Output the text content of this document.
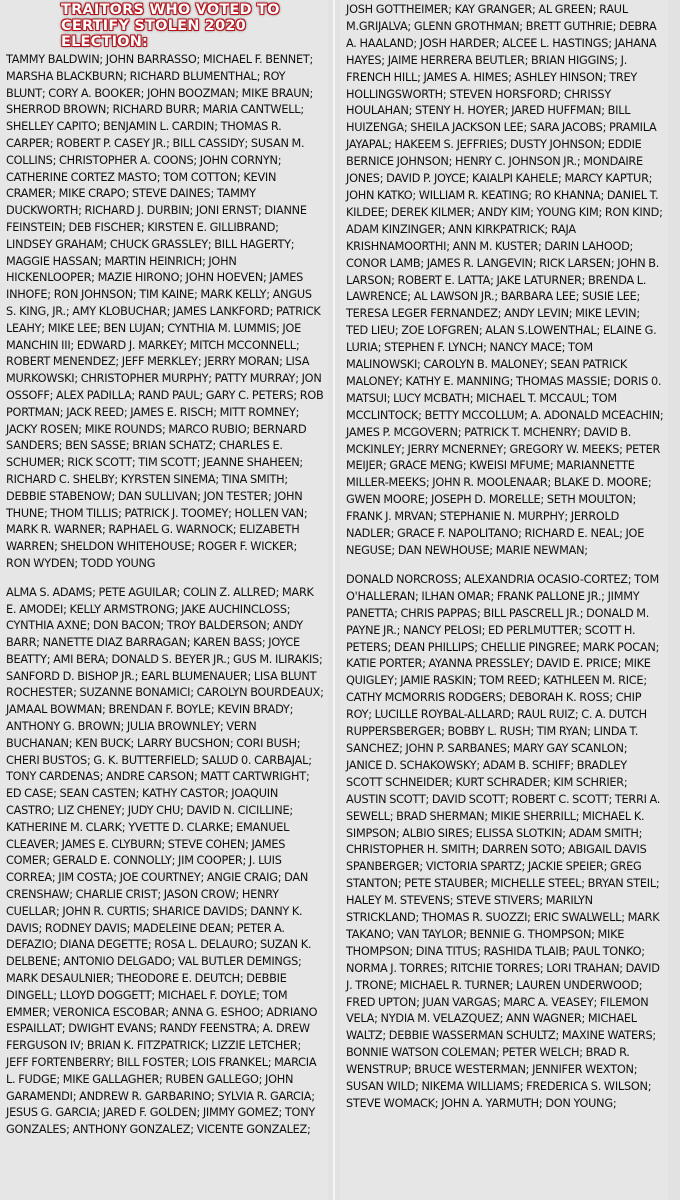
TRAITORS WHO VOTED TO
CERTIFY STOLEN 2020 ELECTION:

TAMMY BALDWIN; JOHN BARRASSO; MICHAEL F. BENNET; MARSHA BLACKBURN; RICHARD BLUMENTHAL; ROY BLUNT; CORY A. BOOKER; JOHN BOOZMAN; MIKE BRAUN; SHERROD BROWN; RICHARD BURR; MARIA CANTWELL; SHELLEY CAPITO; BENJAMIN L. CARDIN; THOMAS R. CARPER; ROBERT P. CASEY JR.; BILL CASSIDY; SUSAN M. COLLINS; CHRISTOPHER A. COONS; JOHN CORNYN; CATHERINE CORTEZ MASTO; TOM COTTON; KEVIN CRAMER; MIKE CRAPO; STEVE DAINES; TAMMY DUCKWORTH; RICHARD J. DURBIN; JONI ERNST; DIANNE FEINSTEIN; DEB FISCHER; KIRSTEN E. GILLIBRAND; LINDSEY GRAHAM; CHUCK GRASSLEY; BILL HAGERTY; MAGGIE HASSAN; MARTIN HEINRICH; JOHN HICKENLOOPER; MAZIE HIRONO; JOHN HOEVEN; JAMES INHOFE; RON JOHNSON; TIM KAINE; MARK KELLY; ANGUS S. KING, JR.; AMY KLOBUCHAR; JAMES LANKFORD; PATRICK LEAHY; MIKE LEE; BEN LUJAN; CYNTHIA M. LUMMIS; JOE MANCHIN III; EDWARD J. MARKEY; MITCH MCCONNELL; ROBERT MENENDEZ; JEFF MERKLEY; JERRY MORAN; LISA MURKOWSKI; CHRISTOPHER MURPHY; PATTY MURRAY; JON OSSOFF; ALEX PADILLA; RAND PAUL; GARY C. PETERS; ROB PORTMAN; JACK REED; JAMES E. RISCH; MITT ROMNEY; JACKY ROSEN; MIKE ROUNDS; MARCO RUBIO; BERNARD SANDERS; BEN SASSE; BRIAN SCHATZ; CHARLES E. SCHUMER; RICK SCOTT; TIM SCOTT; JEANNE SHAHEEN; RICHARD C. SHELBY; KYRSTEN SINEMA; TINA SMITH; DEBBIE STABENOW; DAN SULLIVAN; JON TESTER; JOHN THUNE; THOM TILLIS; PATRICK J. TOOMEY; HOLLEN VAN; MARK R. WARNER; RAPHAEL G. WARNOCK; ELIZABETH WARREN; SHELDON WHITEHOUSE; ROGER F. WICKER; RON WYDEN; TODD YOUNG

ALMA S. ADAMS; PETE AGUILAR; COLIN Z. ALLRED; MARK E. AMODEI; KELLY ARMSTRONG; JAKE AUCHINCLOSS; CYNTHIA AXNE; DON BACON; TROY BALDERSON; ANDY BARR; NANETTE DIAZ BARRAGAN; KAREN BASS; JOYCE BEATTY; AMI BERA; DONALD S. BEYER JR.; GUS M. ILIRAKIS; SANFORD D. BISHOP JR.; EARL BLUMENAUER; LISA BLUNT ROCHESTER; SUZANNE BONAMICI; CAROLYN BOURDEAUX; JAMAAL BOWMAN; BRENDAN F. BOYLE; KEVIN BRADY; ANTHONY G. BROWN; JULIA BROWNLEY; VERN BUCHANAN; KEN BUCK; LARRY BUCSHON; CORI BUSH; CHERI BUSTOS; G. K. BUTTERFIELD; SALUD 0. CARBAJAL; TONY CARDENAS; ANDRE CARSON; MATT CARTWRIGHT; ED CASE; SEAN CASTEN; KATHY CASTOR; JOAQUIN CASTRO; LIZ CHENEY; JUDY CHU; DAVID N. CICILLINE; KATHERINE M. CLARK; YVETTE D. CLARKE; EMANUEL CLEAVER; JAMES E. CLYBURN; STEVE COHEN; JAMES COMER; GERALD E. CONNOLLY; JIM COOPER; J. LUIS CORREA; JIM COSTA; JOE COURTNEY; ANGIE CRAIG; DAN CRENSHAW; CHARLIE CRIST; JASON CROW; HENRY CUELLAR; JOHN R. CURTIS; SHARICE DAVIDS; DANNY K. DAVIS; RODNEY DAVIS; MADELEINE DEAN; PETER A. DEFAZIO; DIANA DEGETTE; ROSA L. DELAURO; SUZAN K. DELBENE; ANTONIO DELGADO; VAL BUTLER DEMINGS; MARK DESAULNIER; THEODORE E. DEUTCH; DEBBIE DINGELL; LLOYD DOGGETT; MICHAEL F. DOYLE; TOM EMMER; VERONICA ESCOBAR; ANNA G. ESHOO; ADRIANO ESPAILLAT; DWIGHT EVANS; RANDY FEENSTRA; A. DREW FERGUSON IV; BRIAN K. FITZPATRICK; LIZZIE LETCHER; JEFF FORTENBERRY; BILL FOSTER; LOIS FRANKEL; MARCIA L. FUDGE; MIKE GALLAGHER; RUBEN GALLEGO; JOHN GARAMENDI; ANDREW R. GARBARINO; SYLVIA R. GARCIA; JESUS G. GARCIA; JARED F. GOLDEN; JIMMY GOMEZ; TONY GONZALES; ANTHONY GONZALEZ; VICENTE GONZALEZ;

JOSH GOTTHEIMER; KAY GRANGER; AL GREEN; RAUL M.GRIJALVA; GLENN GROTHMAN; BRETT GUTHRIE; DEBRA A. HAALAND; JOSH HARDER; ALCEE L. HASTINGS; JAHANA HAYES; JAIME HERRERA BEUTLER; BRIAN HIGGINS; J. FRENCH HILL; JAMES A. HIMES; ASHLEY HINSON; TREY HOLLINGSWORTH; STEVEN HORSFORD; CHRISSY HOULAHAN; STENY H. HOYER; JARED HUFFMAN; BILL HUIZENGA; SHEILA JACKSON LEE; SARA JACOBS; PRAMILA JAYAPAL; HAKEEM S. JEFFRIES; DUSTY JOHNSON; EDDIE BERNICE JOHNSON; HENRY C. JOHNSON JR.; MONDAIRE JONES; DAVID P. JOYCE; KAIALPI KAHELE; MARCY KAPTUR; JOHN KATKO; WILLIAM R. KEATING; RO KHANNA; DANIEL T. KILDEE; DEREK KILMER; ANDY KIM; YOUNG KIM; RON KIND; ADAM KINZINGER; ANN KIRKPATRICK; RAJA KRISHNAMOORTHI; ANN M. KUSTER; DARIN LAHOOD; CONOR LAMB; JAMES R. LANGEVIN; RICK LARSEN; JOHN B. LARSON; ROBERT E. LATTA; JAKE LATURNER; BRENDA L. LAWRENCE; AL LAWSON JR.; BARBARA LEE; SUSIE LEE; TERESA LEGER FERNANDEZ; ANDY LEVIN; MIKE LEVIN; TED LIEU; ZOE LOFGREN; ALAN S.LOWENTHAL; ELAINE G. LURIA; STEPHEN F. LYNCH; NANCY MACE; TOM MALINOWSKI; CAROLYN B. MALONEY; SEAN PATRICK MALONEY; KATHY E. MANNING; THOMAS MASSIE; DORIS 0. MATSUI; LUCY MCBATH; MICHAEL T. MCCAUL; TOM MCCLINTOCK; BETTY MCCOLLUM; A. ADONALD MCEACHIN; JAMES P. MCGOVERN; PATRICK T. MCHENRY; DAVID B. MCKINLEY; JERRY MCNERNEY; GREGORY W. MEEKS; PETER MEIJER; GRACE MENG; KWEISI MFUME; MARIANNETTE MILLER-MEEKS; JOHN R. MOOLENAAR; BLAKE D. MOORE; GWEN MOORE; JOSEPH D. MORELLE; SETH MOULTON; FRANK J. MRVAN; STEPHANIE N. MURPHY; JERROLD NADLER; GRACE F. NAPOLITANO; RICHARD E. NEAL; JOE NEGUSE; DAN NEWHOUSE; MARIE NEWMAN;

DONALD NORCROSS; ALEXANDRIA OCASIO-CORTEZ; TOM O'HALLERAN; ILHAN OMAR; FRANK PALLONE JR.; JIMMY PANETTA; CHRIS PAPPAS; BILL PASCRELL JR.; DONALD M. PAYNE JR.; NANCY PELOSI; ED PERLMUTTER; SCOTT H. PETERS; DEAN PHILLIPS; CHELLIE PINGREE; MARK POCAN; KATIE PORTER; AYANNA PRESSLEY; DAVID E. PRICE; MIKE QUIGLEY; JAMIE RASKIN; TOM REED; KATHLEEN M. RICE; CATHY MCMORRIS RODGERS; DEBORAH K. ROSS; CHIP ROY; LUCILLE ROYBAL-ALLARD; RAUL RUIZ; C. A. DUTCH RUPPERSBERGER; BOBBY L. RUSH; TIM RYAN; LINDA T. SANCHEZ; JOHN P. SARBANES; MARY GAY SCANLON; JANICE D. SCHAKOWSKY; ADAM B. SCHIFF; BRADLEY SCOTT SCHNEIDER; KURT SCHRADER; KIM SCHRIER; AUSTIN SCOTT; DAVID SCOTT; ROBERT C. SCOTT; TERRI A. SEWELL; BRAD SHERMAN; MIKIE SHERRILL; MICHAEL K. SIMPSON; ALBIO SIRES; ELISSA SLOTKIN; ADAM SMITH; CHRISTOPHER H. SMITH; DARREN SOTO; ABIGAIL DAVIS SPANBERGER; VICTORIA SPARTZ; JACKIE SPEIER; GREG STANTON; PETE STAUBER; MICHELLE STEEL; BRYAN STEIL; HALEY M. STEVENS; STEVE STIVERS; MARILYN STRICKLAND; THOMAS R. SUOZZI; ERIC SWALWELL; MARK TAKANO; VAN TAYLOR; BENNIE G. THOMPSON; MIKE THOMPSON; DINA TITUS; RASHIDA TLAIB; PAUL TONKO; NORMA J. TORRES; RITCHIE TORRES; LORI TRAHAN; DAVID J. TRONE; MICHAEL R. TURNER; LAUREN UNDERWOOD; FRED UPTON; JUAN VARGAS; MARC A. VEASEY; FILEMON VELA; NYDIA M. VELAZQUEZ; ANN WAGNER; MICHAEL WALTZ; DEBBIE WASSERMAN SCHULTZ; MAXINE WATERS; BONNIE WATSON COLEMAN; PETER WELCH; BRAD R. WENSTRUP; BRUCE WESTERMAN; JENNIFER WEXTON; SUSAN WILD; NIKEMA WILLIAMS; FREDERICA S. WILSON; STEVE WOMACK; JOHN A. YARMUTH; DON YOUNG;
